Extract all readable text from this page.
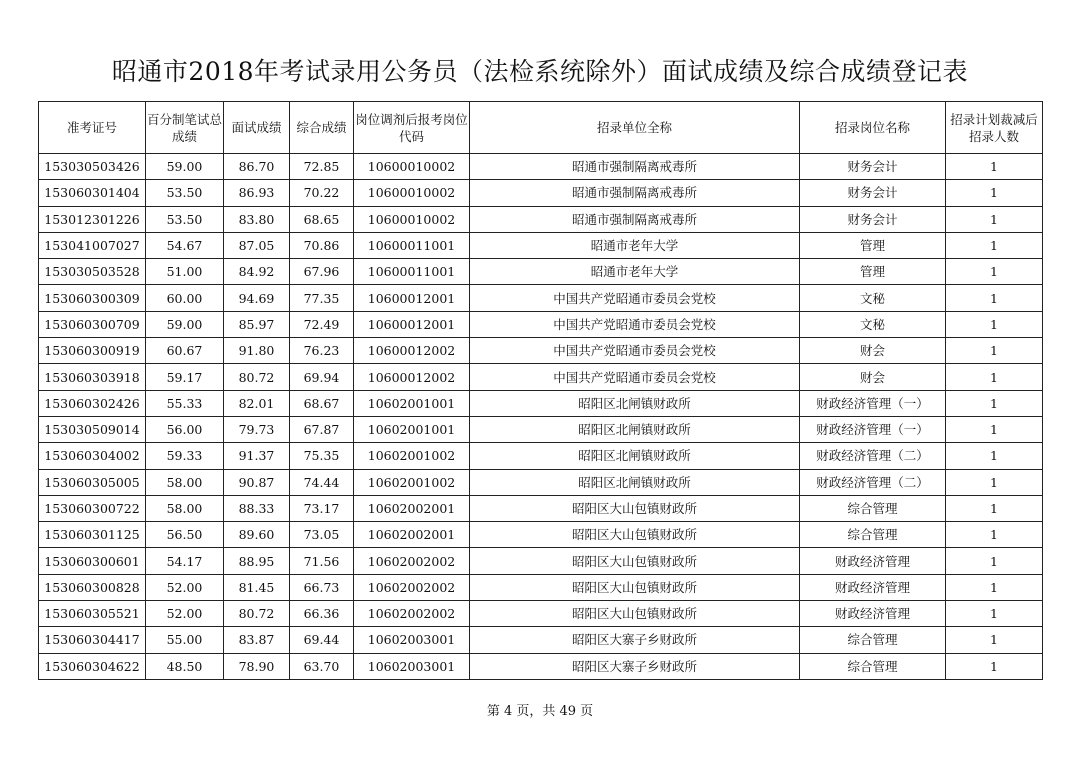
昭通市2018年考试录用公务员（法检系统除外）面试成绩及综合成绩登记表
准考证号	百分制笔试总成绩	面试成绩	综合成绩	岗位调剂后报考岗位代码	招录单位全称	招录岗位名称	招录计划裁减后招录人数
153030503426	59.00	86.70	72.85	10600010002	昭通市强制隔离戒毒所	财务会计	1
153060301404	53.50	86.93	70.22	10600010002	昭通市强制隔离戒毒所	财务会计	1
153012301226	53.50	83.80	68.65	10600010002	昭通市强制隔离戒毒所	财务会计	1
153041007027	54.67	87.05	70.86	10600011001	昭通市老年大学	管理	1
153030503528	51.00	84.92	67.96	10600011001	昭通市老年大学	管理	1
153060300309	60.00	94.69	77.35	10600012001	中国共产党昭通市委员会党校	文秘	1
153060300709	59.00	85.97	72.49	10600012001	中国共产党昭通市委员会党校	文秘	1
153060300919	60.67	91.80	76.23	10600012002	中国共产党昭通市委员会党校	财会	1
153060303918	59.17	80.72	69.94	10600012002	中国共产党昭通市委员会党校	财会	1
153060302426	55.33	82.01	68.67	10602001001	昭阳区北闸镇财政所	财政经济管理（一）	1
153030509014	56.00	79.73	67.87	10602001001	昭阳区北闸镇财政所	财政经济管理（一）	1
153060304002	59.33	91.37	75.35	10602001002	昭阳区北闸镇财政所	财政经济管理（二）	1
153060305005	58.00	90.87	74.44	10602001002	昭阳区北闸镇财政所	财政经济管理（二）	1
153060300722	58.00	88.33	73.17	10602002001	昭阳区大山包镇财政所	综合管理	1
153060301125	56.50	89.60	73.05	10602002001	昭阳区大山包镇财政所	综合管理	1
153060300601	54.17	88.95	71.56	10602002002	昭阳区大山包镇财政所	财政经济管理	1
153060300828	52.00	81.45	66.73	10602002002	昭阳区大山包镇财政所	财政经济管理	1
153060305521	52.00	80.72	66.36	10602002002	昭阳区大山包镇财政所	财政经济管理	1
153060304417	55.00	83.87	69.44	10602003001	昭阳区大寨子乡财政所	综合管理	1
153060304622	48.50	78.90	63.70	10602003001	昭阳区大寨子乡财政所	综合管理	1
第 4 页，共 49 页
